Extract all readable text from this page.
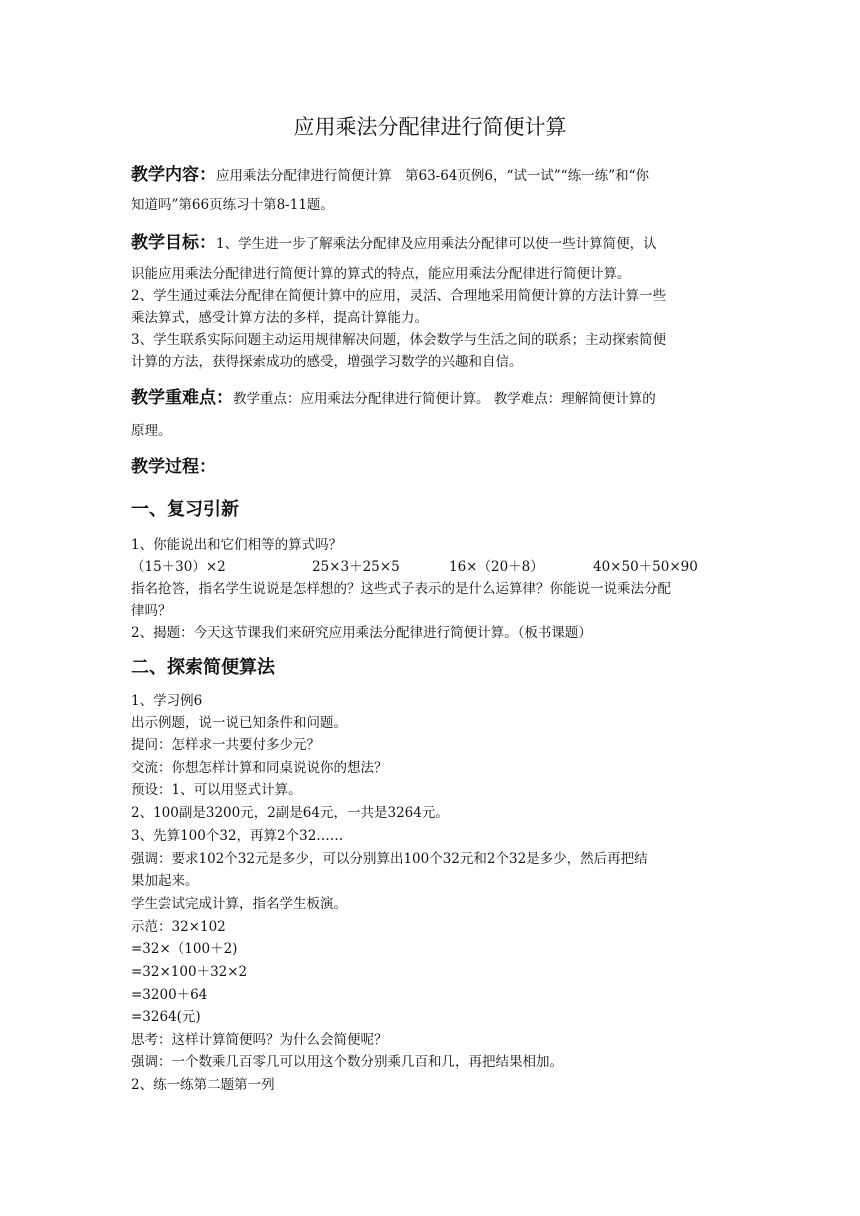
应用乘法分配律进行简便计算
教学内容：应用乘法分配律进行简便计算　第63-64页例6，“试一试”“练一练”和“你
知道吗”第66页练习十第8-11题。
教学目标：1、学生进一步了解乘法分配律及应用乘法分配律可以使一些计算简便，认
识能应用乘法分配律进行简便计算的算式的特点，能应用乘法分配律进行简便计算。
2、学生通过乘法分配律在简便计算中的应用，灵活、合理地采用简便计算的方法计算一些
乘法算式，感受计算方法的多样，提高计算能力。
3、学生联系实际问题主动运用规律解决问题，体会数学与生活之间的联系；主动探索简便
计算的方法，获得探索成功的感受，增强学习数学的兴趣和自信。
教学重难点：教学重点：应用乘法分配律进行简便计算。 教学难点：理解简便计算的
原理。
教学过程：
一、复习引新
1、你能说出和它们相等的算式吗？
（15＋30）×2	25×3＋25×5	16×（20＋8）	40×50＋50×90
指名抢答，指名学生说说是怎样想的？这些式子表示的是什么运算律？你能说一说乘法分配
律吗？
2、揭题：今天这节课我们来研究应用乘法分配律进行简便计算。（板书课题）
二、探索简便算法
1、学习例6
出示例题，说一说已知条件和问题。
提问：怎样求一共要付多少元？
交流：你想怎样计算和同桌说说你的想法？
预设：1、可以用竖式计算。
2、100副是3200元，2副是64元，一共是3264元。
3、先算100个32，再算2个32……
强调：要求102个32元是多少，可以分别算出100个32元和2个32是多少，然后再把结
果加起来。
学生尝试完成计算，指名学生板演。
示范：32×102
=32×（100＋2)
=32×100＋32×2
=3200＋64
=3264(元)
思考：这样计算简便吗？为什么会简便呢？
强调：一个数乘几百零几可以用这个数分别乘几百和几，再把结果相加。
2、练一练第二题第一列
